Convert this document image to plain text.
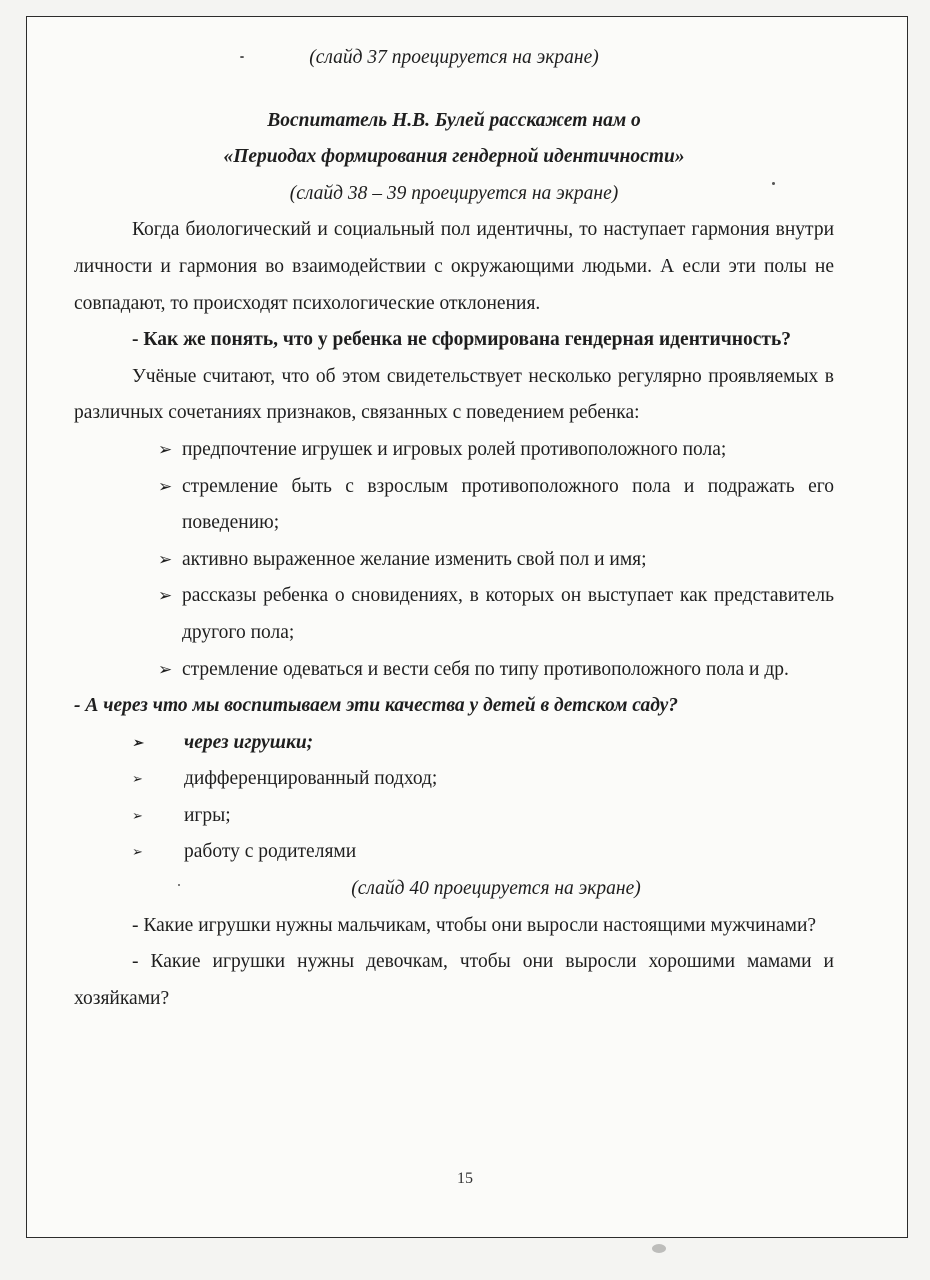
(слайд 37 проецируется на экране)

Воспитатель Н.В. Булей расскажет нам о

«Периодах формирования гендерной идентичности»

(слайд 38 – 39 проецируется на экране)

Когда биологический и социальный пол идентичны, то наступает гармония внутри личности и гармония во взаимодействии с окружающими людьми. А если эти полы не совпадают, то происходят психологические отклонения.

- Как же понять, что у ребенка не сформирована гендерная идентичность?

Учёные считают, что об этом свидетельствует несколько регулярно проявляемых в различных сочетаниях признаков, связанных с поведением ребенка:

➢ предпочтение игрушек и игровых ролей противоположного пола;
➢ стремление быть с взрослым противоположного пола и подражать его поведению;
➢ активно выраженное желание изменить свой пол и имя;
➢ рассказы ребенка о сновидениях, в которых он выступает как представитель другого пола;
➢ стремление одеваться и вести себя по типу противоположного пола и др.

- А через что мы воспитываем эти качества у детей в детском саду?

➢ через игрушки;
➢ дифференцированный подход;
➢ игры;
➢ работу с родителями

(слайд 40 проецируется на экране)

- Какие игрушки нужны мальчикам, чтобы они выросли настоящими мужчинами?

- Какие игрушки нужны девочкам, чтобы они выросли хорошими мамами и хозяйками?

15
